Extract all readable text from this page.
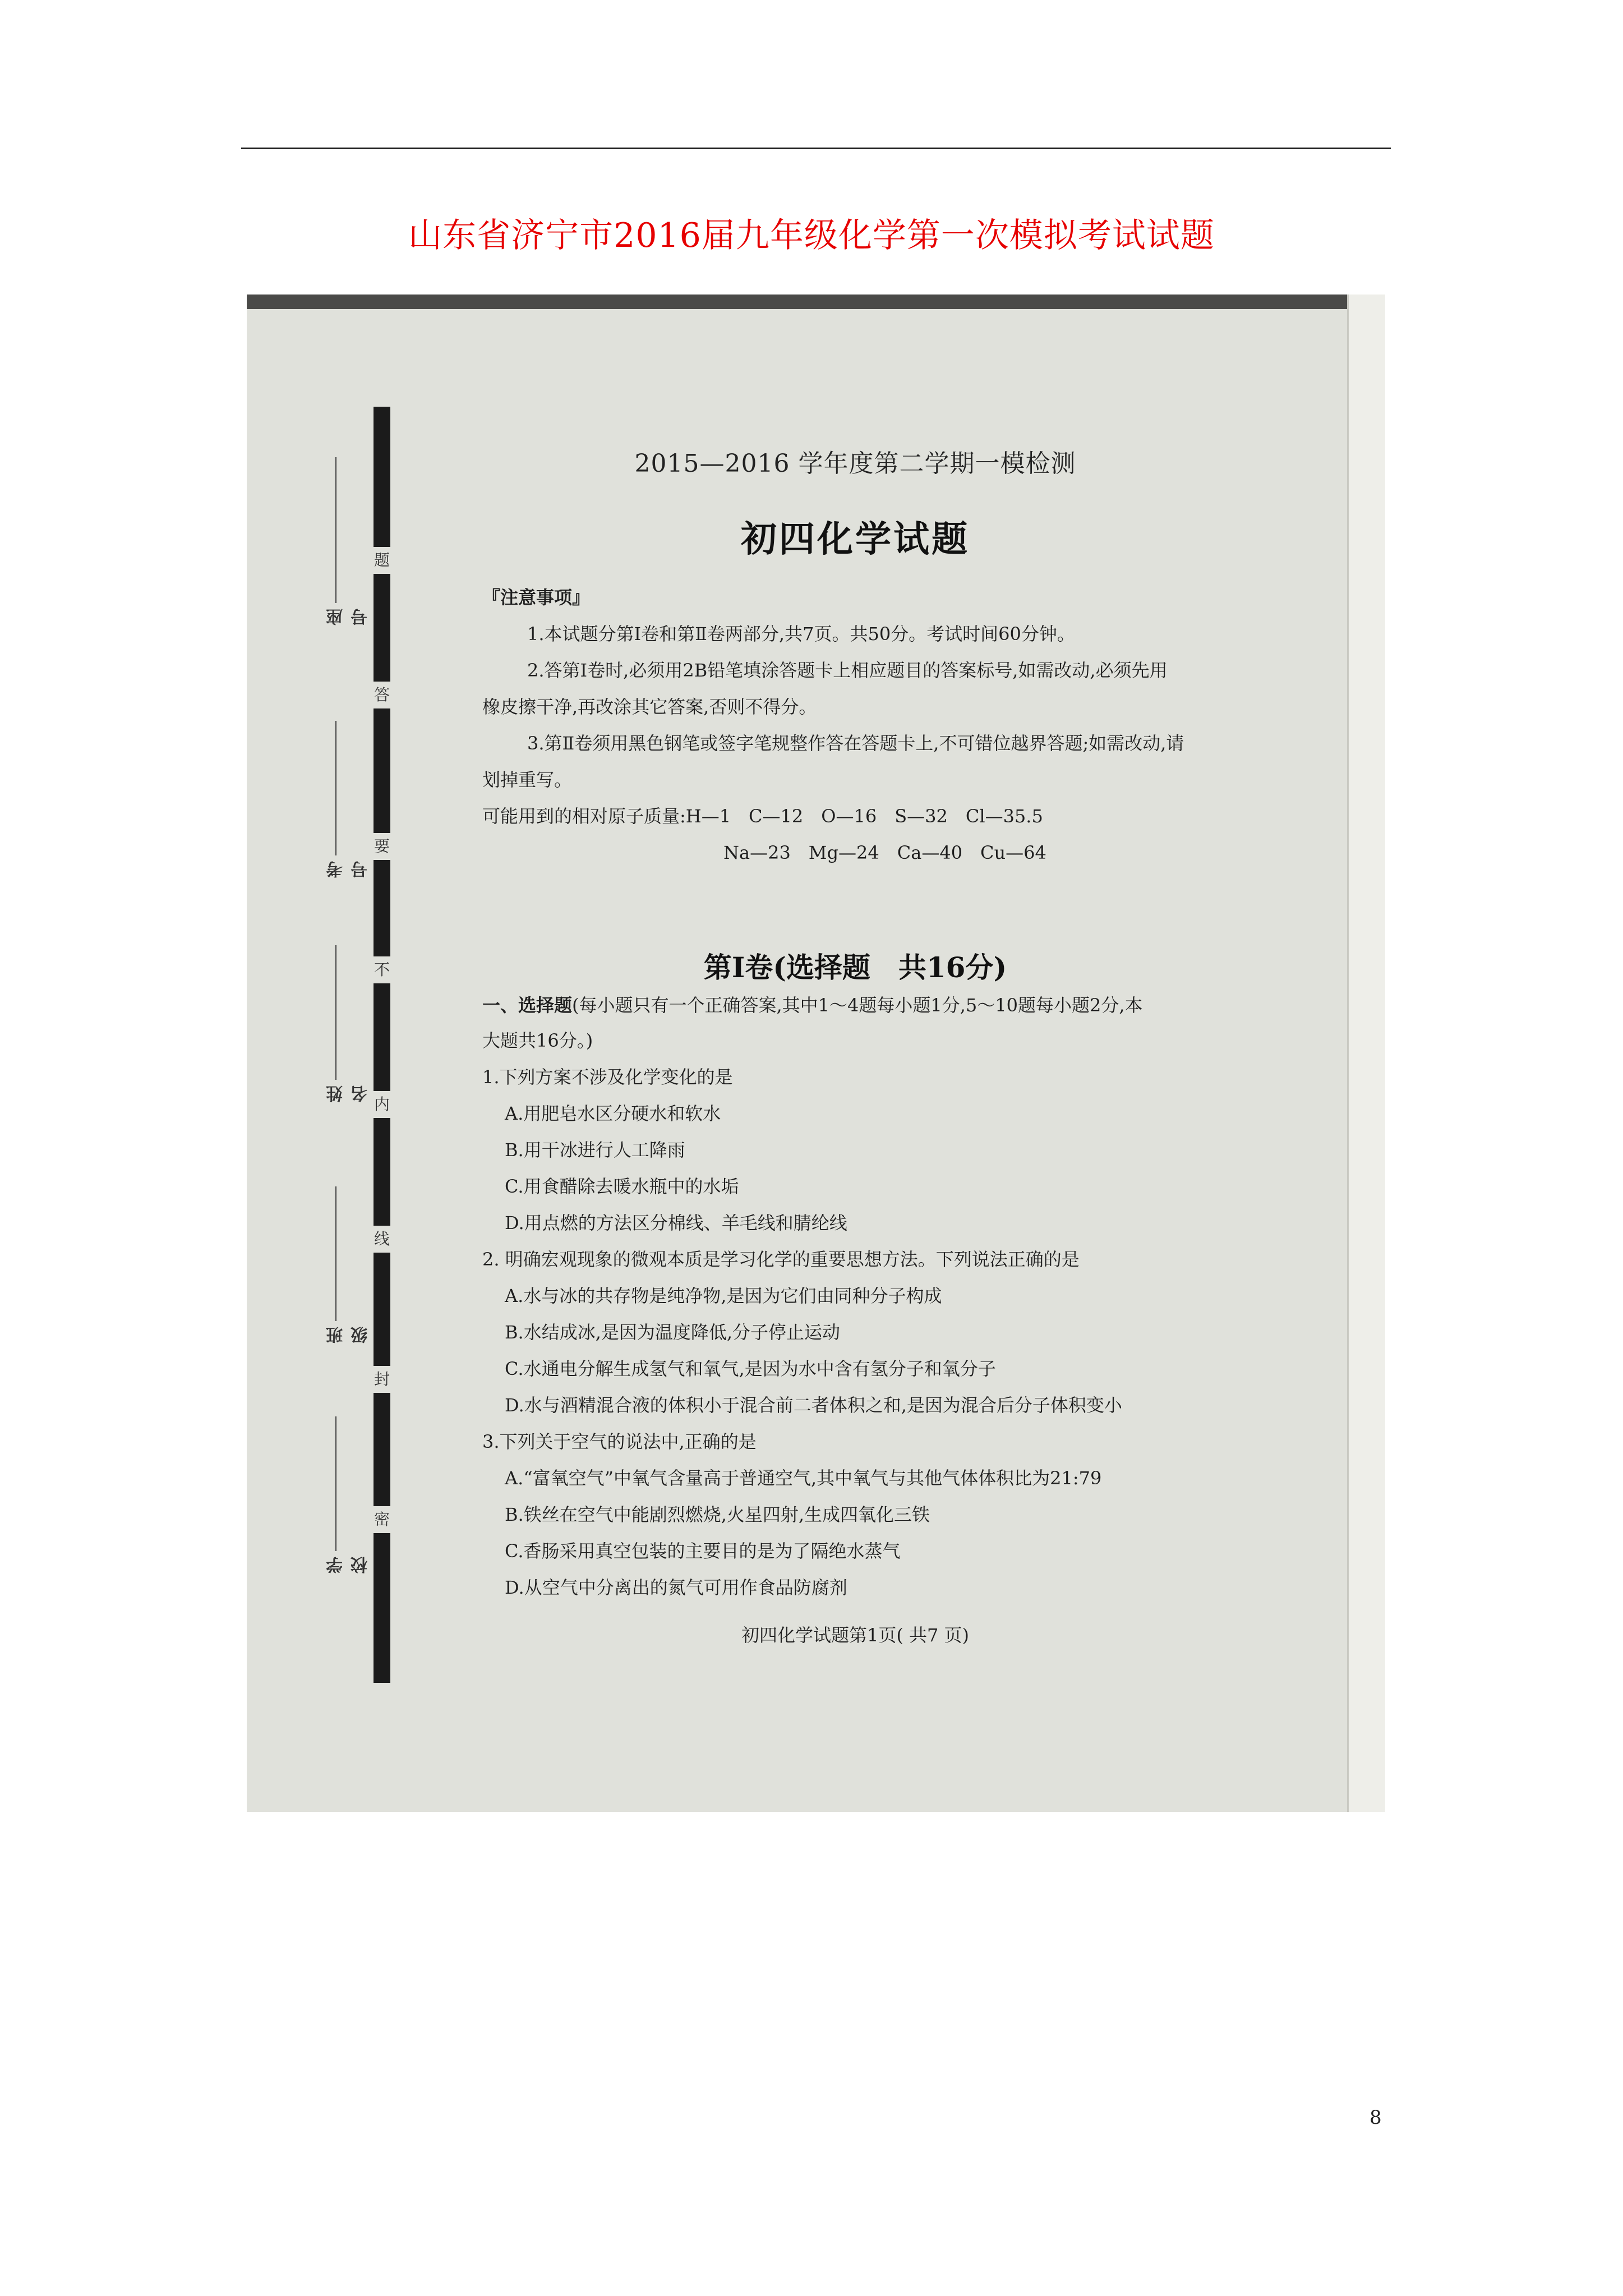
山东省济宁市2016届九年级化学第一次模拟考试试题
题
答
要
不
内
线
封
密
座号
考号
姓名
班级
学校
2015—2016 学年度第二学期一模检测
初四化学试题
『注意事项』
1.本试题分第Ⅰ卷和第Ⅱ卷两部分,共7页。共50分。考试时间60分钟。
2.答第Ⅰ卷时,必须用2B铅笔填涂答题卡上相应题目的答案标号,如需改动,必须先用
橡皮擦干净,再改涂其它答案,否则不得分。
3.第Ⅱ卷须用黑色钢笔或签字笔规整作答在答题卡上,不可错位越界答题;如需改动,请
划掉重写。
可能用到的相对原子质量:H—1　C—12　O—16　S—32　Cl—35.5
Na—23　Mg—24　Ca—40　Cu—64
第Ⅰ卷(选择题　共16分)
一、选择题(每小题只有一个正确答案,其中1～4题每小题1分,5～10题每小题2分,本
大题共16分。)
1.下列方案不涉及化学变化的是
A.用肥皂水区分硬水和软水
B.用干冰进行人工降雨
C.用食醋除去暖水瓶中的水垢
D.用点燃的方法区分棉线、羊毛线和腈纶线
2. 明确宏观现象的微观本质是学习化学的重要思想方法。下列说法正确的是
A.水与冰的共存物是纯净物,是因为它们由同种分子构成
B.水结成冰,是因为温度降低,分子停止运动
C.水通电分解生成氢气和氧气,是因为水中含有氢分子和氧分子
D.水与酒精混合液的体积小于混合前二者体积之和,是因为混合后分子体积变小
3.下列关于空气的说法中,正确的是
A.“富氧空气”中氧气含量高于普通空气,其中氧气与其他气体体积比为21:79
B.铁丝在空气中能剧烈燃烧,火星四射,生成四氧化三铁
C.香肠采用真空包装的主要目的是为了隔绝水蒸气
D.从空气中分离出的氮气可用作食品防腐剂
初四化学试题第1页( 共7 页)
8
